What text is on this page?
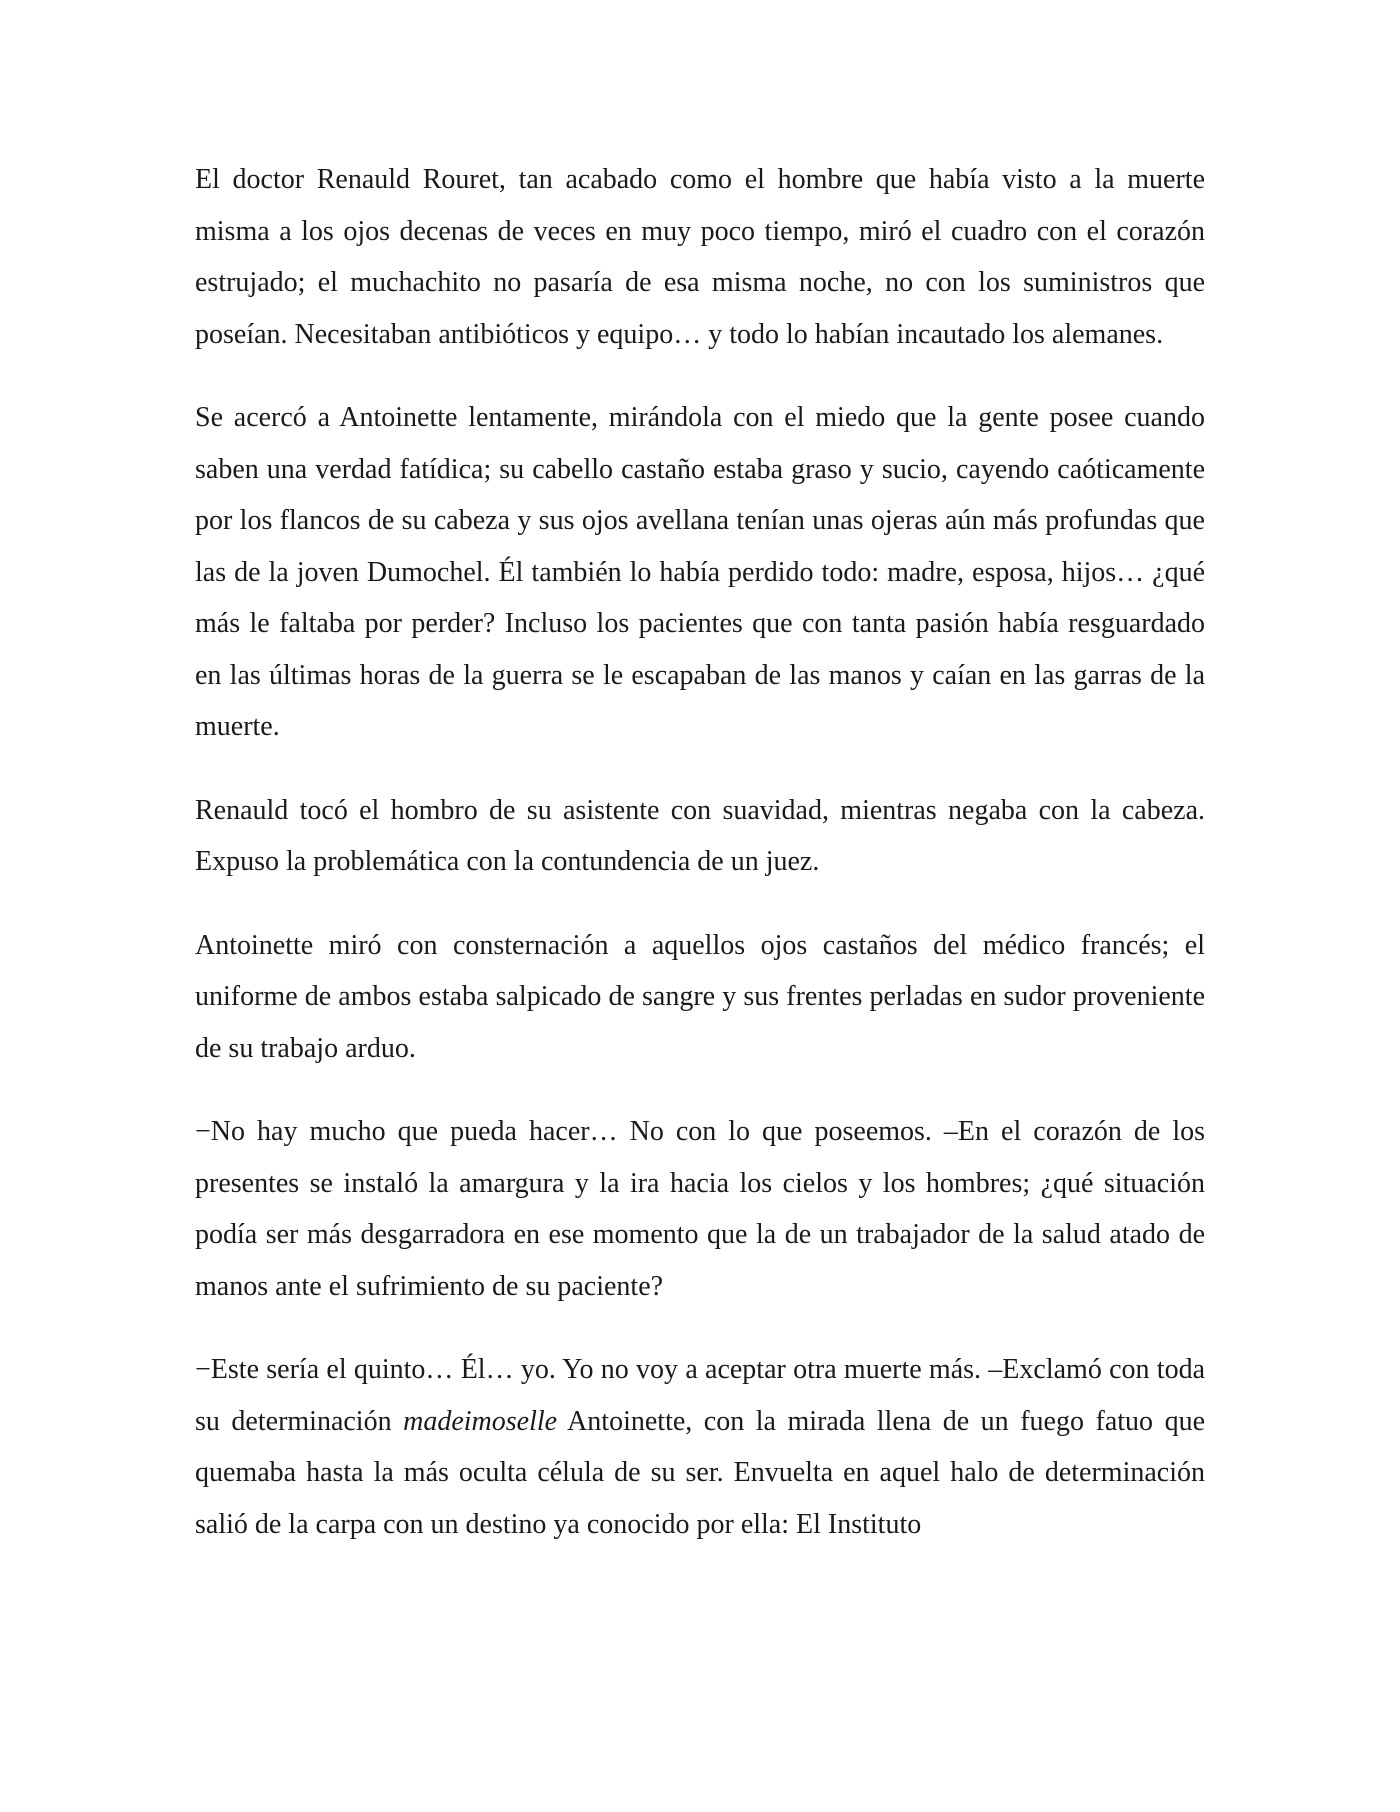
El doctor Renauld Rouret, tan acabado como el hombre que había visto a la muerte misma a los ojos decenas de veces en muy poco tiempo, miró el cuadro con el corazón estrujado; el muchachito no pasaría de esa misma noche, no con los suministros que poseían. Necesitaban antibióticos y equipo… y todo lo habían incautado los alemanes.

Se acercó a Antoinette lentamente, mirándola con el miedo que la gente posee cuando saben una verdad fatídica; su cabello castaño estaba graso y sucio, cayendo caóticamente por los flancos de su cabeza y sus ojos avellana tenían unas ojeras aún más profundas que las de la joven Dumochel. Él también lo había perdido todo: madre, esposa, hijos… ¿qué más le faltaba por perder? Incluso los pacientes que con tanta pasión había resguardado en las últimas horas de la guerra se le escapaban de las manos y caían en las garras de la muerte.

Renauld tocó el hombro de su asistente con suavidad, mientras negaba con la cabeza. Expuso la problemática con la contundencia de un juez.

Antoinette miró con consternación a aquellos ojos castaños del médico francés; el uniforme de ambos estaba salpicado de sangre y sus frentes perladas en sudor proveniente de su trabajo arduo.

−No hay mucho que pueda hacer… No con lo que poseemos. –En el corazón de los presentes se instaló la amargura y la ira hacia los cielos y los hombres; ¿qué situación podía ser más desgarradora en ese momento que la de un trabajador de la salud atado de manos ante el sufrimiento de su paciente?

−Este sería el quinto… Él… yo. Yo no voy a aceptar otra muerte más. –Exclamó con toda su determinación madeimoselle Antoinette, con la mirada llena de un fuego fatuo que quemaba hasta la más oculta célula de su ser. Envuelta en aquel halo de determinación salió de la carpa con un destino ya conocido por ella: El Instituto
